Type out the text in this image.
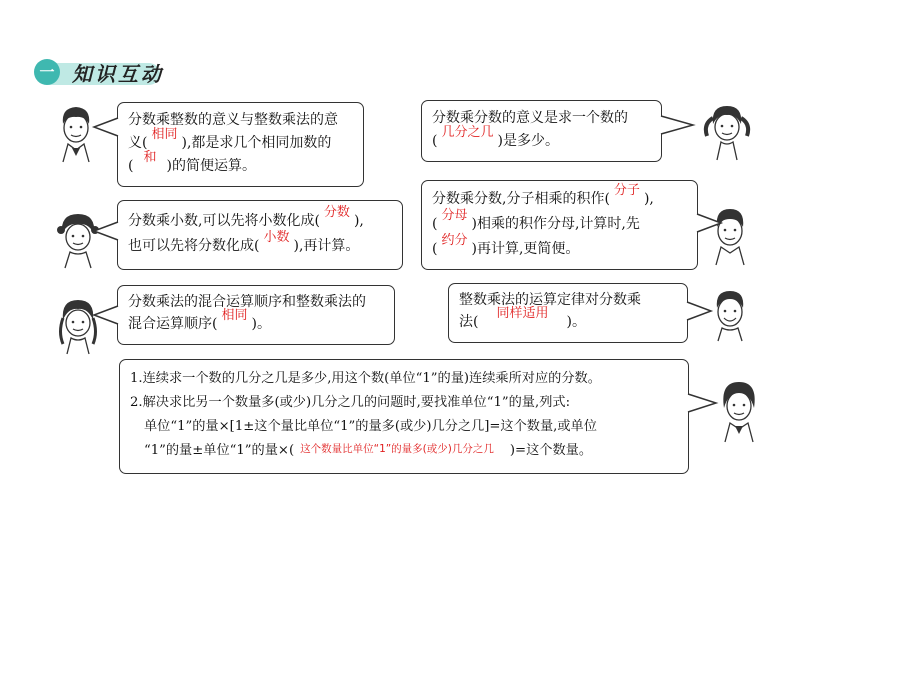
一 知识互动
分数乘整数的意义与整数乘法的意
义(相同),都是求几个相同加数的
(和)的简便运算。
分数乘小数,可以先将小数化成(分数),
也可以先将分数化成(小数),再计算。
分数乘法的混合运算顺序和整数乘法的
混合运算顺序(相同)。
分数乘分数的意义是求一个数的
(几分之几)是多少。
分数乘分数,分子相乘的积作(分子),
(分母)相乘的积作分母,计算时,先
(约分)再计算,更简便。
整数乘法的运算定律对分数乘
法(同样适用)。
1.连续求一个数的几分之几是多少,用这个数(单位“1”的量)连续乘所对应的分数。
2.解决求比另一个数量多(或少)几分之几的问题时,要找准单位“1”的量,列式:
单位“1”的量×[1±这个量比单位“1”的量多(或少)几分之几]=这个数量,或单位
“1”的量±单位“1”的量×( 这个数量比单位“1”的量多(或少)几分之几 )=这个数量。
